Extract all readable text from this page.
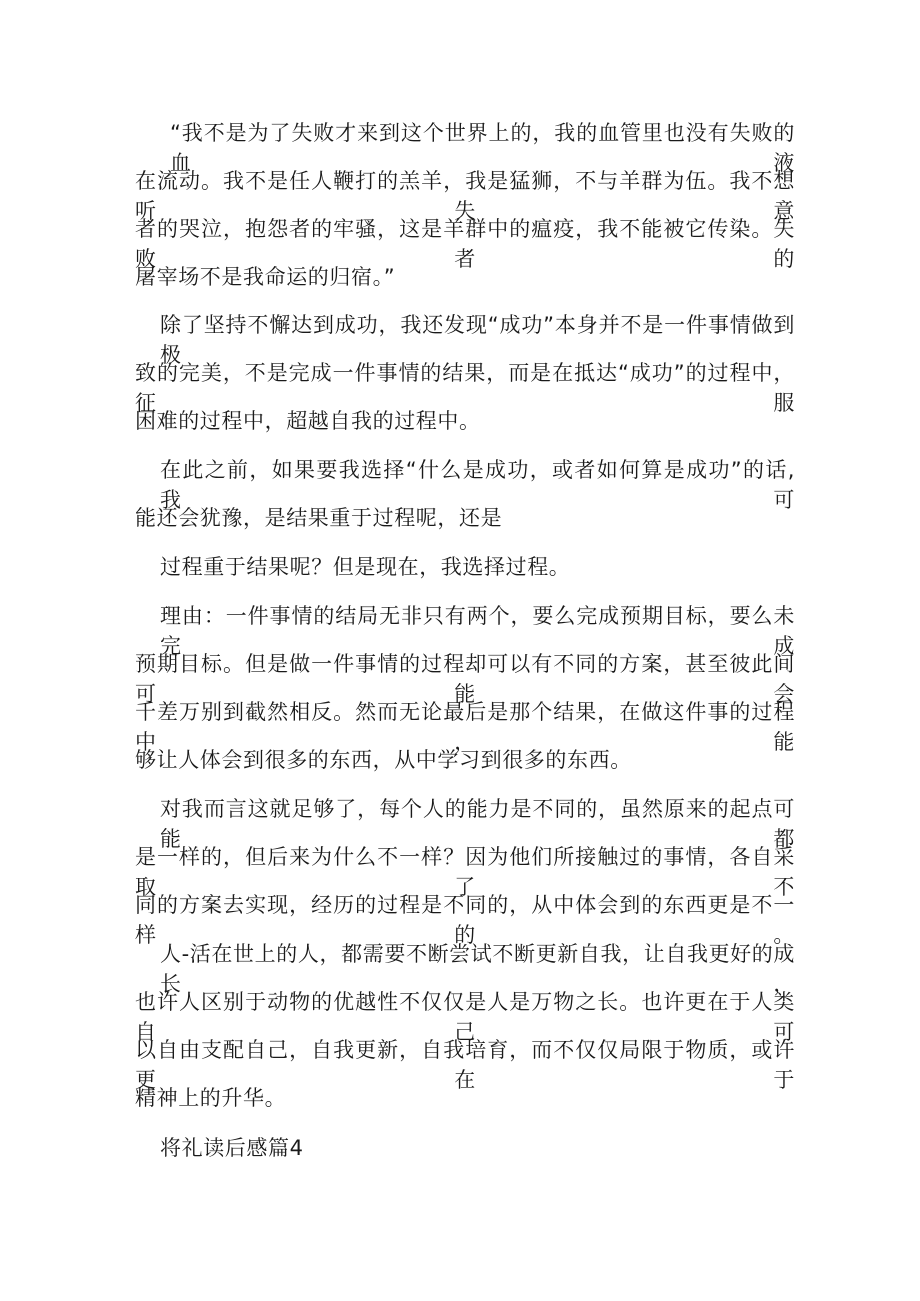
“我不是为了失败才来到这个世界上的，我的血管里也没有失败的血液
在流动。我不是任人鞭打的羔羊，我是猛狮，不与羊群为伍。我不想听失意
者的哭泣，抱怨者的牢骚，这是羊群中的瘟疫，我不能被它传染。失败者的
屠宰场不是我命运的归宿。”
除了坚持不懈达到成功，我还发现“成功”本身并不是一件事情做到极
致的完美，不是完成一件事情的结果，而是在抵达“成功”的过程中，征服
困难的过程中，超越自我的过程中。
在此之前，如果要我选择“什么是成功，或者如何算是成功”的话,我可
能还会犹豫，是结果重于过程呢，还是
过程重于结果呢？但是现在，我选择过程。
理由：一件事情的结局无非只有两个，要么完成预期目标，要么未完成
预期目标。但是做一件事情的过程却可以有不同的方案，甚至彼此间可能会
千差万别到截然相反。然而无论最后是那个结果，在做这件事的过程中，能
够让人体会到很多的东西，从中学习到很多的东西。
对我而言这就足够了，每个人的能力是不同的，虽然原来的起点可能都
是一样的，但后来为什么不一样？因为他们所接触过的事情，各自采取了不
同的方案去实现，经历的过程是不同的，从中体会到的东西更是不一样的。
人-活在世上的人，都需要不断尝试不断更新自我，让自我更好的成长，
也许人区别于动物的优越性不仅仅是人是万物之长。也许更在于人类自己可
以自由支配自己，自我更新，自我培育，而不仅仅局限于物质，或许更在于
精神上的升华。
将礼读后感篇4
